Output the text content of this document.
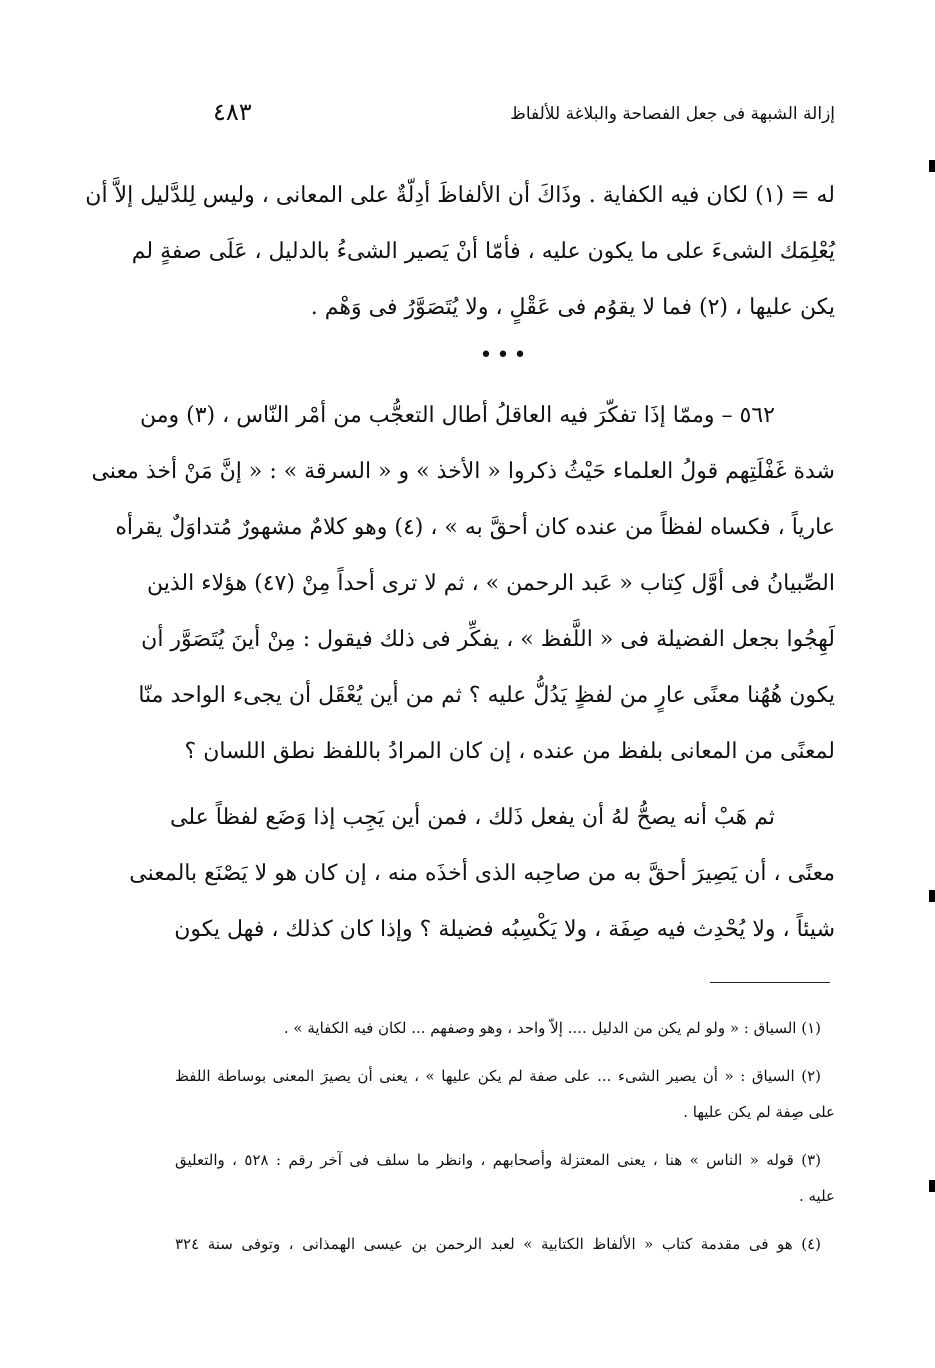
إزالة الشبهة فى جعل الفصاحة والبلاغة للألفاظ
٤٨٣
له = (١) لكان فيه الكفاية . وذَاكَ أن الألفاظَ أدِلّةٌ على المعانى ، وليس لِلدَّليل إلاَّ أن
يُعْلِمَك الشىءَ على ما يكون عليه ، فأمّا أنْ يَصير الشىءُ بالدليل ، عَلَى صفةٍ لم
يكن عليها ، (٢) فما لا يقوُم فى عَقْلٍ ، ولا يُتَصَوَّرُ فى وَهْم .
•••
٥٦٢ – وممّا إذَا تفكّرَ فيه العاقلُ أطال التعجُّب من أمْر النّاس ، (٣) ومن
شدة غَفْلَتِهم قولُ العلماء حَيْثُ ذكروا « الأخذ » و « السرقة » : « إنَّ مَنْ أخذ معنى
عارياً ، فكساه لفظاً من عنده كان أحقَّ به » ، (٤) وهو كلامٌ مشهورٌ مُتداوَلٌ يقرأه
الصِّبيانُ فى أوَّل كِتاب « عَبد الرحمن » ، ثم لا ترى أحداً مِنْ (٤٧) هؤلاء الذين
لَهِجُوا بجعل الفضيلة فى « اللَّفظ » ، يفكِّر فى ذلك فيقول : مِنْ أينَ يُتَصَوَّر أن
يكون هُهُنا معنًى عارٍ من لفظٍ يَدُلُّ عليه ؟ ثم من أين يُعْقَل أن يجىء الواحد منّا
لمعنًى من المعانى بلفظ من عنده ، إن كان المرادُ باللفظ نطق اللسان ؟
ثم هَبْ أنه يصحُّ لهُ أن يفعل ذَلك ، فمن أين يَجِب إذا وَضَع لفظاً على
معنًى ، أن يَصِيرَ أحقَّ به من صاحِبه الذى أخذَه منه ، إن كان هو لا يَصْنَع بالمعنى
شيئاً ، ولا يُحْدِث فيه صِفَة ، ولا يَكْسِبُه فضيلة ؟ وإذا كان كذلك ، فهل يكون
(١) السياق : « ولو لم يكن من الدليل .... إلاّ واحد ، وهو وصفهم ... لكان فيه الكفاية » .
(٢) السياق : « أن يصير الشىء ... على صفة لم يكن عليها » ، يعنى أن يصيرَ المعنى بوساطة اللفظ
على صِفة لم يكن عليها .
(٣) قوله « الناس » هنا ، يعنى المعتزلة وأصحابهم ، وانظر ما سلف فى آخر رقم : ٥٢٨ ، والتعليق
عليه .
(٤) هو فى مقدمة كتاب « الألفاظ الكتابية » لعبد الرحمن بن عيسى الهمذانى ، وتوفى سنة ٣٢٤
